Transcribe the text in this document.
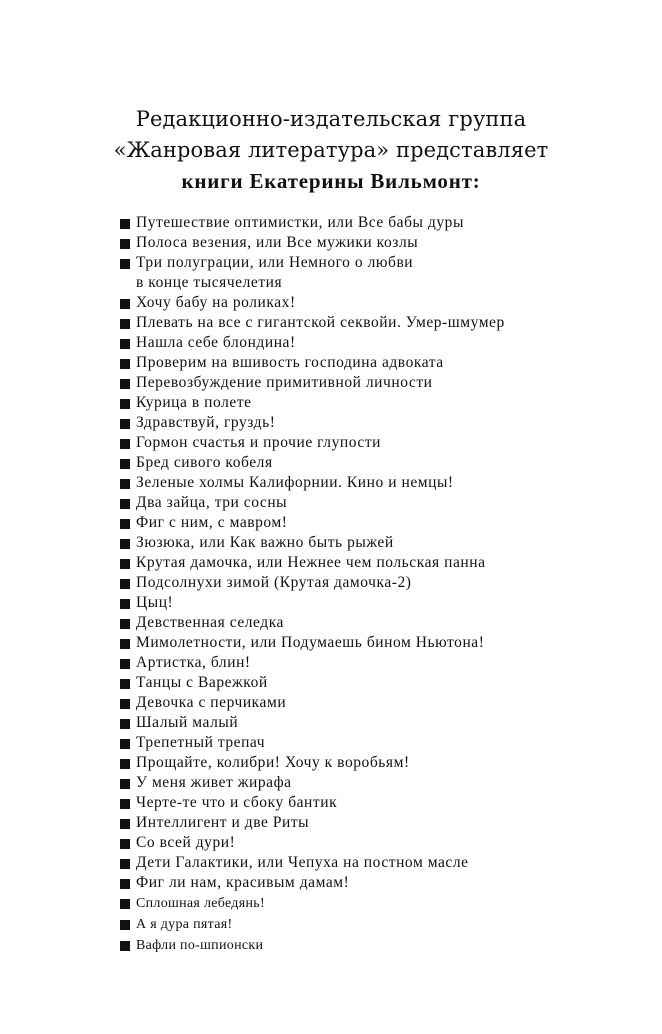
Редакционно-издательская группа
«Жанровая литература» представляет
книги Екатерины Вильмонт:
Путешествие оптимистки, или Все бабы дуры
Полоса везения, или Все мужики козлы
Три полуграции, или Немного о любви
в конце тысячелетия
Хочу бабу на роликах!
Плевать на все с гигантской секвойи. Умер-шмумер
Нашла себе блондина!
Проверим на вшивость господина адвоката
Перевозбуждение примитивной личности
Курица в полете
Здравствуй, груздь!
Гормон счастья и прочие глупости
Бред сивого кобеля
Зеленые холмы Калифорнии. Кино и немцы!
Два зайца, три сосны
Фиг с ним, с мавром!
Зюзюка, или Как важно быть рыжей
Крутая дамочка, или Нежнее чем польская панна
Подсолнухи зимой (Крутая дамочка-2)
Цыц!
Девственная селедка
Мимолетности, или Подумаешь бином Ньютона!
Артистка, блин!
Танцы с Варежкой
Девочка с перчиками
Шалый малый
Трепетный трепач
Прощайте, колибри! Хочу к воробьям!
У меня живет жирафа
Черте-те что и сбоку бантик
Интеллигент и две Риты
Со всей дури!
Дети Галактики, или Чепуха на постном масле
Фиг ли нам, красивым дамам!
Сплошная лебедянь!
А я дура пятая!
Вафли по-шпионски
